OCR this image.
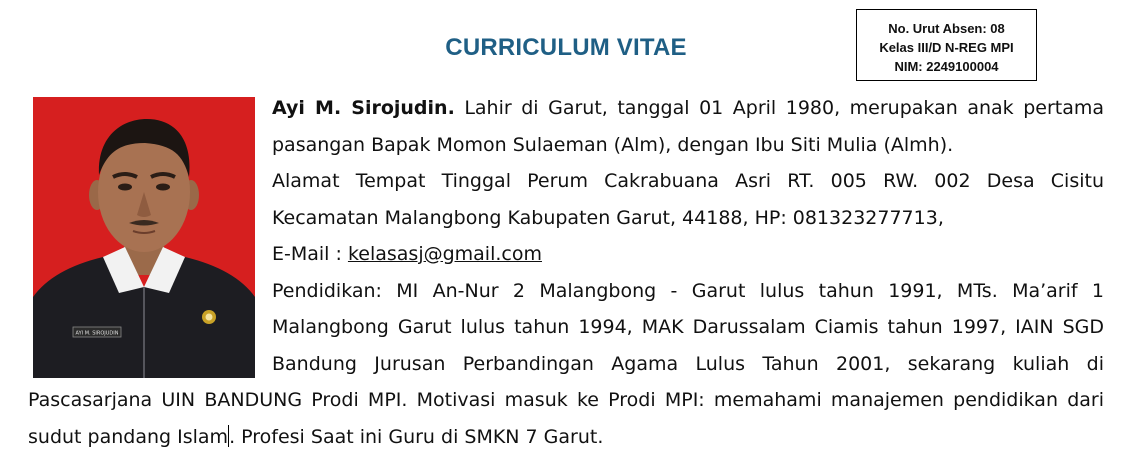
CURRICULUM VITAE
No. Urut Absen: 08
Kelas III/D N-REG MPI
NIM: 2249100004
AYI M. SIROJUDIN

Ayi M. Sirojudin. Lahir di Garut, tanggal 01 April 1980, merupakan anak pertama pasangan Bapak Momon Sulaeman (Alm), dengan Ibu Siti Mulia (Almh).

Alamat Tempat Tinggal Perum Cakrabuana Asri RT. 005 RW. 002 Desa Cisitu Kecamatan Malangbong Kabupaten Garut, 44188, HP: 081323277713,

E-Mail : kelasasj@gmail.com

Pendidikan: MI An-Nur 2 Malangbong - Garut lulus tahun 1991, MTs. Ma’arif 1 Malangbong Garut lulus tahun 1994, MAK Darussalam Ciamis tahun 1997, IAIN SGD Bandung Jurusan Perbandingan Agama Lulus Tahun 2001, sekarang kuliah di Pascasarjana UIN BANDUNG Prodi MPI. Motivasi masuk ke Prodi MPI: memahami manajemen pendidikan dari sudut pandang Islam. Profesi Saat ini Guru di SMKN 7 Garut.
